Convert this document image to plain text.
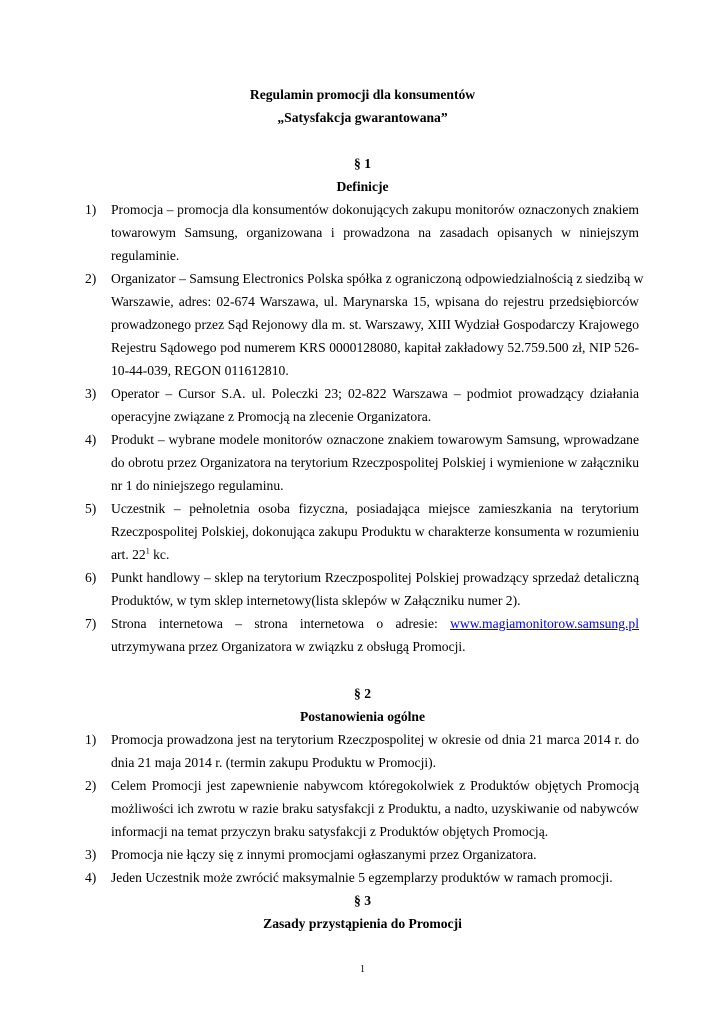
Regulamin promocji dla konsumentów
„Satysfakcja gwarantowana”
§ 1
Definicje
1) Promocja – promocja dla konsumentów dokonujących zakupu monitorów oznaczonych znakiem
towarowym Samsung, organizowana i prowadzona na zasadach opisanych w niniejszym
regulaminie.
2) Organizator – Samsung Electronics Polska spółka z ograniczoną odpowiedzialnością z siedzibą w
Warszawie, adres: 02-674 Warszawa, ul. Marynarska 15, wpisana do rejestru przedsiębiorców
prowadzonego przez Sąd Rejonowy dla m. st. Warszawy, XIII Wydział Gospodarczy Krajowego
Rejestru Sądowego pod numerem KRS 0000128080, kapitał zakładowy 52.759.500 zł, NIP 526-
10-44-039, REGON 011612810.
3) Operator – Cursor S.A. ul. Poleczki 23; 02-822 Warszawa – podmiot prowadzący działania
operacyjne związane z Promocją na zlecenie Organizatora.
4) Produkt – wybrane modele monitorów oznaczone znakiem towarowym Samsung, wprowadzane
do obrotu przez Organizatora na terytorium Rzeczpospolitej Polskiej i wymienione w załączniku
nr 1 do niniejszego regulaminu.
5) Uczestnik – pełnoletnia osoba fizyczna, posiadająca miejsce zamieszkania na terytorium
Rzeczpospolitej Polskiej, dokonująca zakupu Produktu w charakterze konsumenta w rozumieniu
art. $22^1$ kc.
6) Punkt handlowy – sklep na terytorium Rzeczpospolitej Polskiej prowadzący sprzedaż detaliczną
Produktów, w tym sklep internetowy(lista sklepów w Załączniku numer 2).
7) Strona internetowa – strona internetowa o adresie: www.magiamonitorow.samsung.pl
utrzymywana przez Organizatora w związku z obsługą Promocji.
§ 2
Postanowienia ogólne
1) Promocja prowadzona jest na terytorium Rzeczpospolitej w okresie od dnia 21 marca 2014 r. do
dnia 21 maja 2014 r. (termin zakupu Produktu w Promocji).
2) Celem Promocji jest zapewnienie nabywcom któregokolwiek z Produktów objętych Promocją
możliwości ich zwrotu w razie braku satysfakcji z Produktu, a nadto, uzyskiwanie od nabywców
informacji na temat przyczyn braku satysfakcji z Produktów objętych Promocją.
3) Promocja nie łączy się z innymi promocjami ogłaszanymi przez Organizatora.
4) Jeden Uczestnik może zwrócić maksymalnie 5 egzemplarzy produktów w ramach promocji.
§ 3
Zasady przystąpienia do Promocji
1
